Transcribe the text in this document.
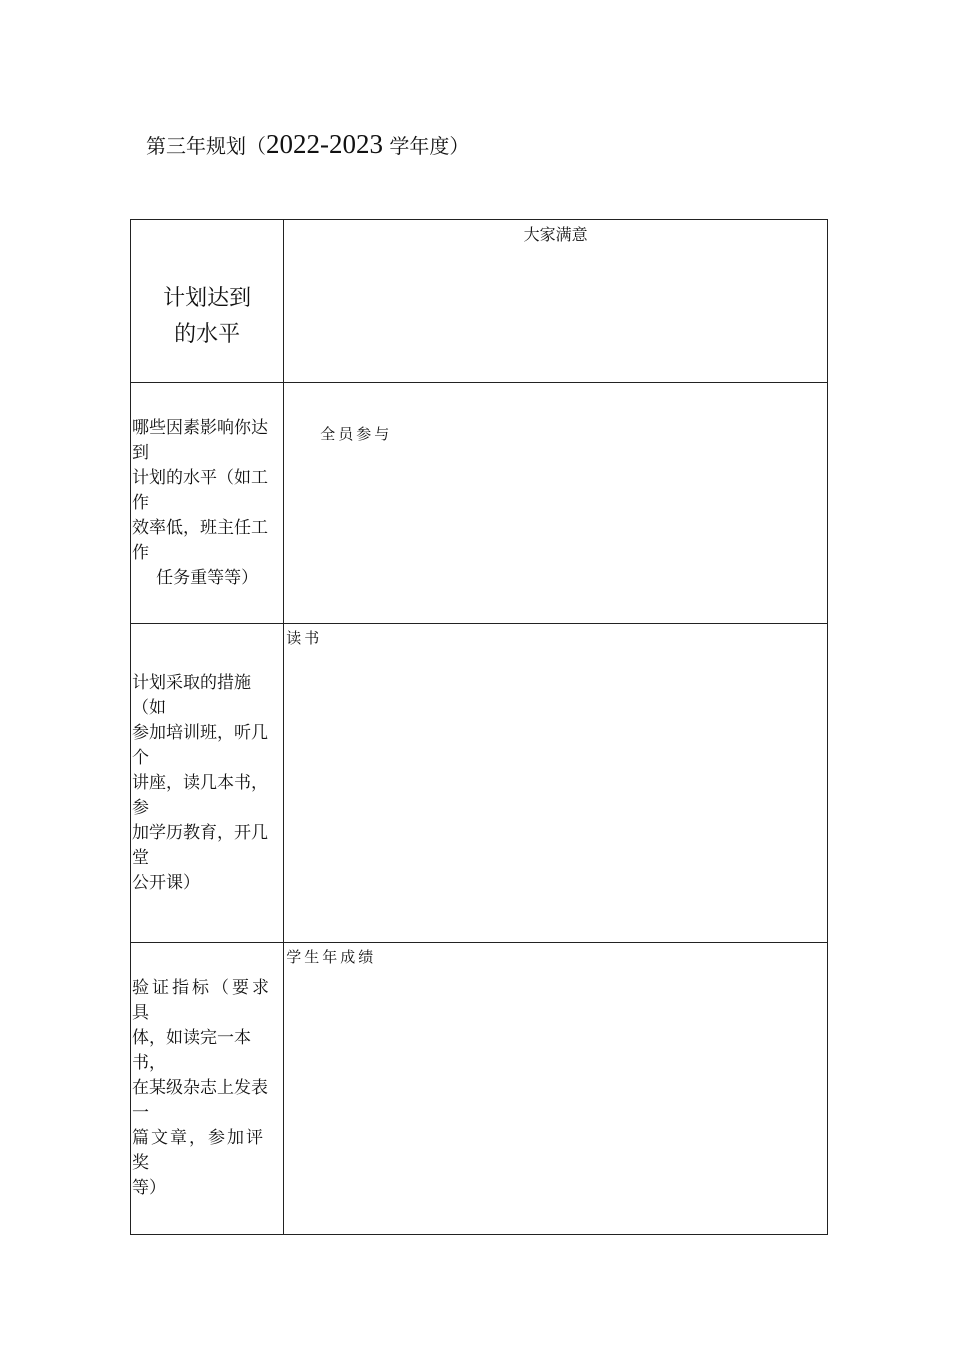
第三年规划（2022-2023 学年度）
计划达到
的水平	大家满意

哪些因素影响你达到
计划的水平（如工作
效率低，班主任工作
任务重等等）	全员参与

计划采取的措施（如
参加培训班，听几个
讲座，读几本书，参
加学历教育，开几堂
公开课）	读书

验证指标（要求具
体，如读完一本书，
在某级杂志上发表一
篇文章，参加评奖
等）	学生年成绩
